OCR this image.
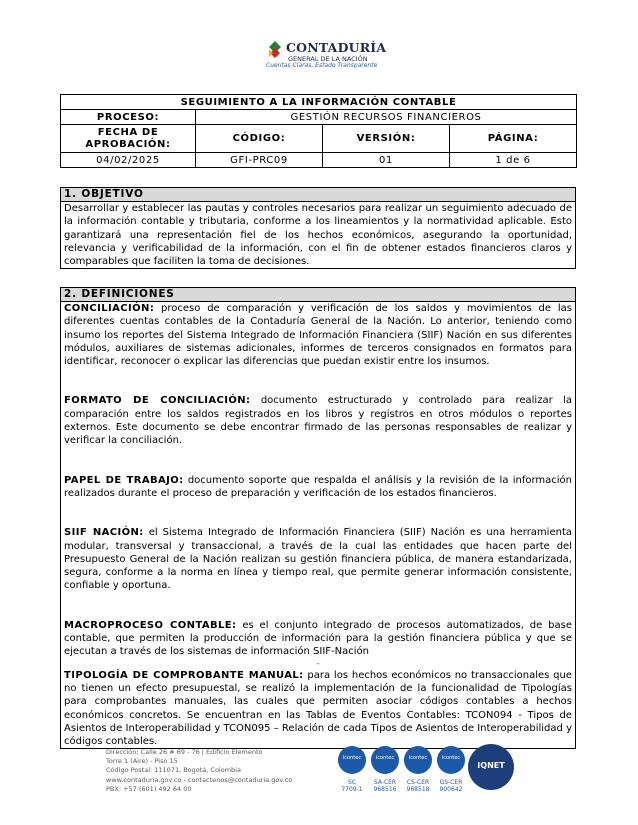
CONTADURÍA
GENERAL DE LA NACIÓN
Cuentas Claras, Estado Transparente
SEGUIMIENTO A LA INFORMACIÓN CONTABLE			
PROCESO:	GESTIÓN RECURSOS FINANCIEROS		
FECHA DE APROBACIÓN:	CÓDIGO:	VERSIÓN:	PÁGINA:
04/02/2025	GFI-PRC09	01	1 de 6
1. OBJETIVO

Desarrollar y establecer las pautas y controles necesarios para realizar un seguimiento adecuado de la información contable y tributaria, conforme a los lineamientos y la normatividad aplicable. Esto garantizará una representación fiel de los hechos económicos, asegurando la oportunidad, relevancia y verificabilidad de la información, con el fin de obtener estados financieros claros y comparables que faciliten la toma de decisiones.

2. DEFINICIONES

CONCILIACIÓN: proceso de comparación y verificación de los saldos y movimientos de las diferentes cuentas contables de la Contaduría General de la Nación. Lo anterior, teniendo como insumo los reportes del Sistema Integrado de Información Financiera (SIIF) Nación en sus diferentes módulos, auxiliares de sistemas adicionales, informes de terceros consignados en formatos para identificar, reconocer o explicar las diferencias que puedan existir entre los insumos.

FORMATO DE CONCILIACIÓN: documento estructurado y controlado para realizar la comparación entre los saldos registrados en los libros y registros en otros módulos o reportes externos. Este documento se debe encontrar firmado de las personas responsables de realizar y verificar la conciliación.

PAPEL DE TRABAJO: documento soporte que respalda el análisis y la revisión de la información realizados durante el proceso de preparación y verificación de los estados financieros.

SIIF NACIÓN: el Sistema Integrado de Información Financiera (SIIF) Nación es una herramienta modular, transversal y transaccional, a través de la cual las entidades que hacen parte del Presupuesto General de la Nación realizan su gestión financiera pública, de manera estandarizada, segura, conforme a la norma en línea y tiempo real, que permite generar información consistente, confiable y oportuna.

MACROPROCESO CONTABLE: es el conjunto integrado de procesos automatizados, de base contable, que permiten la producción de información para la gestión financiera pública y que se ejecutan a través de los sistemas de información SIIF-Nación

-

TIPOLOGÍA DE COMPROBANTE MANUAL: para los hechos económicos no transaccionales que no tienen un efecto presupuestal, se realizó la implementación de la funcionalidad de Tipologías para comprobantes manuales, las cuales que permiten asociar códigos contables a hechos económicos concretos. Se encuentran en las Tablas de Eventos Contables: TCON094 - Tipos de Asientos de Interoperabilidad y TCON095 – Relación de cada Tipos de Asientos de Interoperabilidad y códigos contables.

Dirección: Calle 26 # 69 - 76 | Edificio Elemento
Torre 1 (Aire) - Piso 15
Código Postal: 111071, Bogotá, Colombia
www.contaduria.gov.co - contactenos@contaduria.gov.co
PBX: +57 (601) 492 64 00
icontec
SC
7709-1
icontec
SA-CER
968516
icontec
CS-CER
968518
icontec
GS-CER
900642
IQNET
